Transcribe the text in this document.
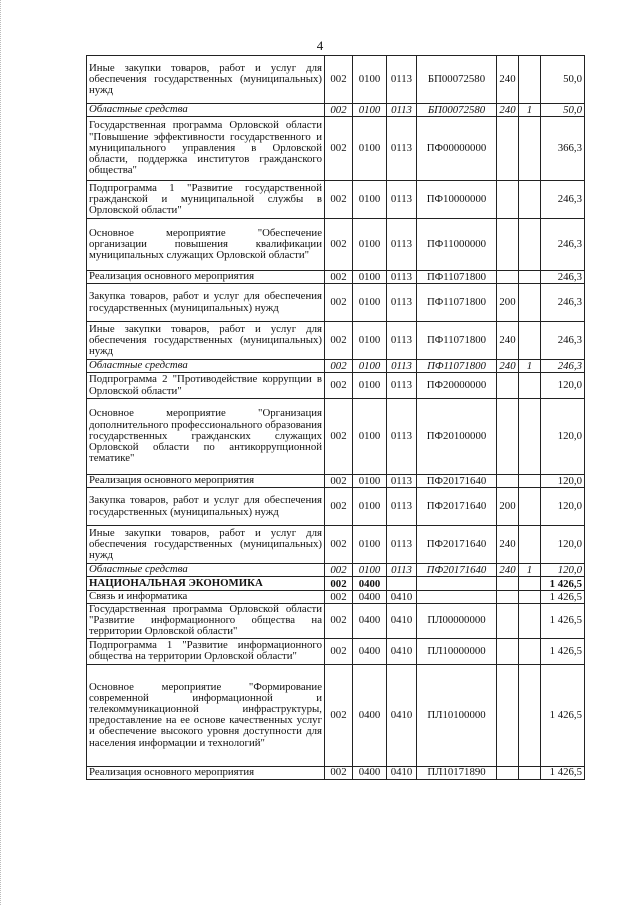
4
Иные закупки товаров, работ и услуг для обеспечения государственных (муниципальных) нужд	002	0100	0113	БП00072580	240		50,0
Областные средства	002	0100	0113	БП00072580	240	1	50,0
Государственная программа Орловской области "Повышение эффективности государственного и муниципального управления в Орловской области, поддержка институтов гражданского общества"	002	0100	0113	ПФ00000000			366,3
Подпрограмма 1 "Развитие государственной гражданской и муниципальной службы в Орловской области"	002	0100	0113	ПФ10000000			246,3
Основное мероприятие "Обеспечение организации повышения квалификации муниципальных служащих Орловской области"	002	0100	0113	ПФ11000000			246,3
Реализация основного мероприятия	002	0100	0113	ПФ11071800			246,3
Закупка товаров, работ и услуг для обеспечения государственных (муниципальных) нужд	002	0100	0113	ПФ11071800	200		246,3
Иные закупки товаров, работ и услуг для обеспечения государственных (муниципальных) нужд	002	0100	0113	ПФ11071800	240		246,3
Областные средства	002	0100	0113	ПФ11071800	240	1	246,3
Подпрограмма 2 "Противодействие коррупции в Орловской области"	002	0100	0113	ПФ20000000			120,0
Основное мероприятие "Организация дополнительного профессионального образования государственных гражданских служащих Орловской области по антикоррупционной тематике"	002	0100	0113	ПФ20100000			120,0
Реализация основного мероприятия	002	0100	0113	ПФ20171640			120,0
Закупка товаров, работ и услуг для обеспечения государственных (муниципальных) нужд	002	0100	0113	ПФ20171640	200		120,0
Иные закупки товаров, работ и услуг для обеспечения государственных (муниципальных) нужд	002	0100	0113	ПФ20171640	240		120,0
Областные средства	002	0100	0113	ПФ20171640	240	1	120,0
НАЦИОНАЛЬНАЯ ЭКОНОМИКА	002	0400					1 426,5
Связь и информатика	002	0400	0410				1 426,5
Государственная программа Орловской области "Развитие информационного общества на территории Орловской области"	002	0400	0410	ПЛ00000000			1 426,5
Подпрограмма 1 "Развитие информационного общества на территории Орловской области"	002	0400	0410	ПЛ10000000			1 426,5
Основное мероприятие "Формирование современной информационной и телекоммуникационной инфраструктуры, предоставление на ее основе качественных услуг и обеспечение высокого уровня доступности для населения информации и технологий"	002	0400	0410	ПЛ10100000			1 426,5
Реализация основного мероприятия	002	0400	0410	ПЛ10171890			1 426,5
